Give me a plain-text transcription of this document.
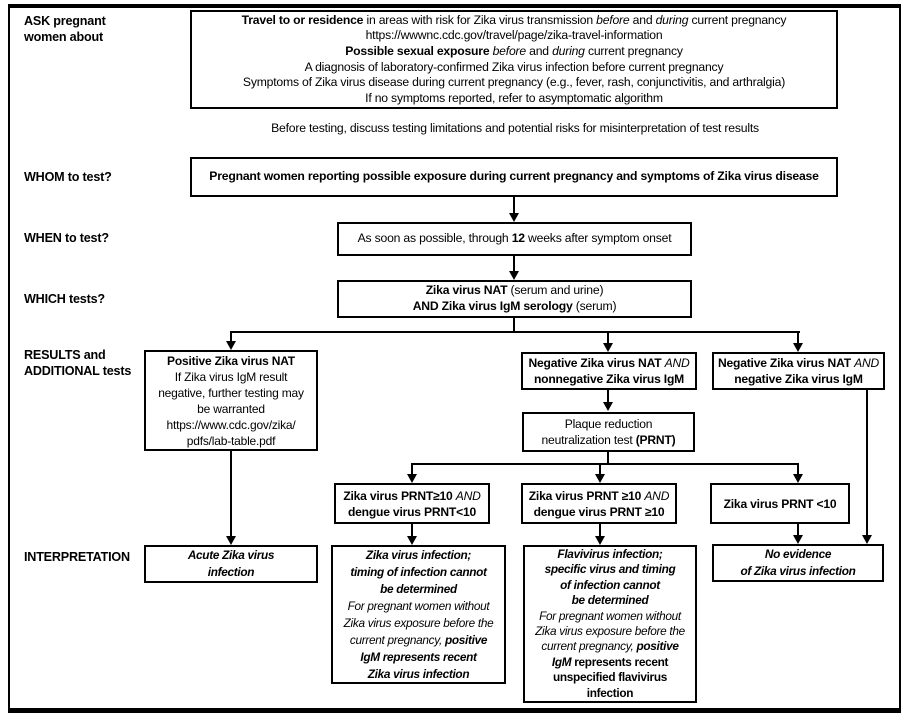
ASK pregnant
women about
WHOM to test?
WHEN to test?
WHICH tests?
RESULTS and
ADDITIONAL tests
INTERPRETATION
Travel to or residence in areas with risk for Zika virus transmission before and during current pregnancy
https://wwwnc.cdc.gov/travel/page/zika-travel-information
Possible sexual exposure before and during current pregnancy
A diagnosis of laboratory-confirmed Zika virus infection before current pregnancy
Symptoms of Zika virus disease during current pregnancy (e.g., fever, rash, conjunctivitis, and arthralgia)
If no symptoms reported, refer to asymptomatic algorithm
Before testing, discuss testing limitations and potential risks for misinterpretation of test results
Pregnant women reporting possible exposure during current pregnancy and symptoms of Zika virus disease
As soon as possible, through 12 weeks after symptom onset
Zika virus NAT (serum and urine)
AND Zika virus IgM serology (serum)
Positive Zika virus NAT
If Zika virus IgM result
negative, further testing may
be warranted
https://www.cdc.gov/zika/
pdfs/lab-table.pdf
Negative Zika virus NAT AND
nonnegative Zika virus IgM
Negative Zika virus NAT AND
negative Zika virus IgM
Plaque reduction
neutralization test (PRNT)
Zika virus PRNT≥10 AND
dengue virus PRNT<10
Zika virus PRNT ≥10 AND
dengue virus PRNT ≥10
Zika virus PRNT <10
Acute Zika virus
infection
Zika virus infection;
timing of infection cannot
be determined
For pregnant women without
Zika virus exposure before the
current pregnancy, positive
IgM represents recent
Zika virus infection
Flavivirus infection;
specific virus and timing
of infection cannot
be determined
For pregnant women without
Zika virus exposure before the
current pregnancy, positive
IgM represents recent
unspecified flavivirus
infection
No evidence
of Zika virus infection
